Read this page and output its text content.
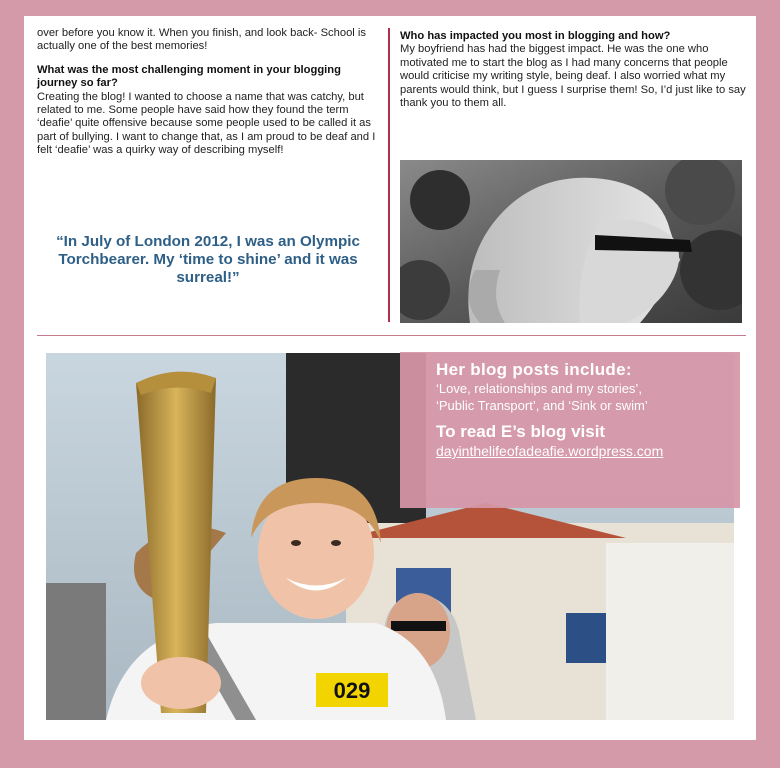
over before you know it. When you finish, and look back- School is actually one of the best memories!

What was the most challenging moment in your blogging journey so far?

Creating the blog! I wanted to choose a name that was catchy, but related to me. Some people have said how they found the term ‘deafie’ quite offensive because some people used to be called it as part of bullying. I want to change that, as I am proud to be deaf and I felt ‘deafie’ was a quirky way of describing myself!

“In July of London 2012, I was an Olympic Torchbearer. My ‘time to shine’ and it was surreal!”

Who has impacted you most in blogging and how?

My boyfriend has had the biggest impact. He was the one who motivated me to start the blog as I had many concerns that people would criticise my writing style, being deaf. I also worried what my parents would think, but I guess I surprise them! So, I’d just like to say thank you to them all.

029
Her blog posts include:
‘Love, relationships and my stories’,
‘Public Transport’, and ‘Sink or swim’
To read E’s blog visit
dayinthelifeofadeafie.wordpress.com
